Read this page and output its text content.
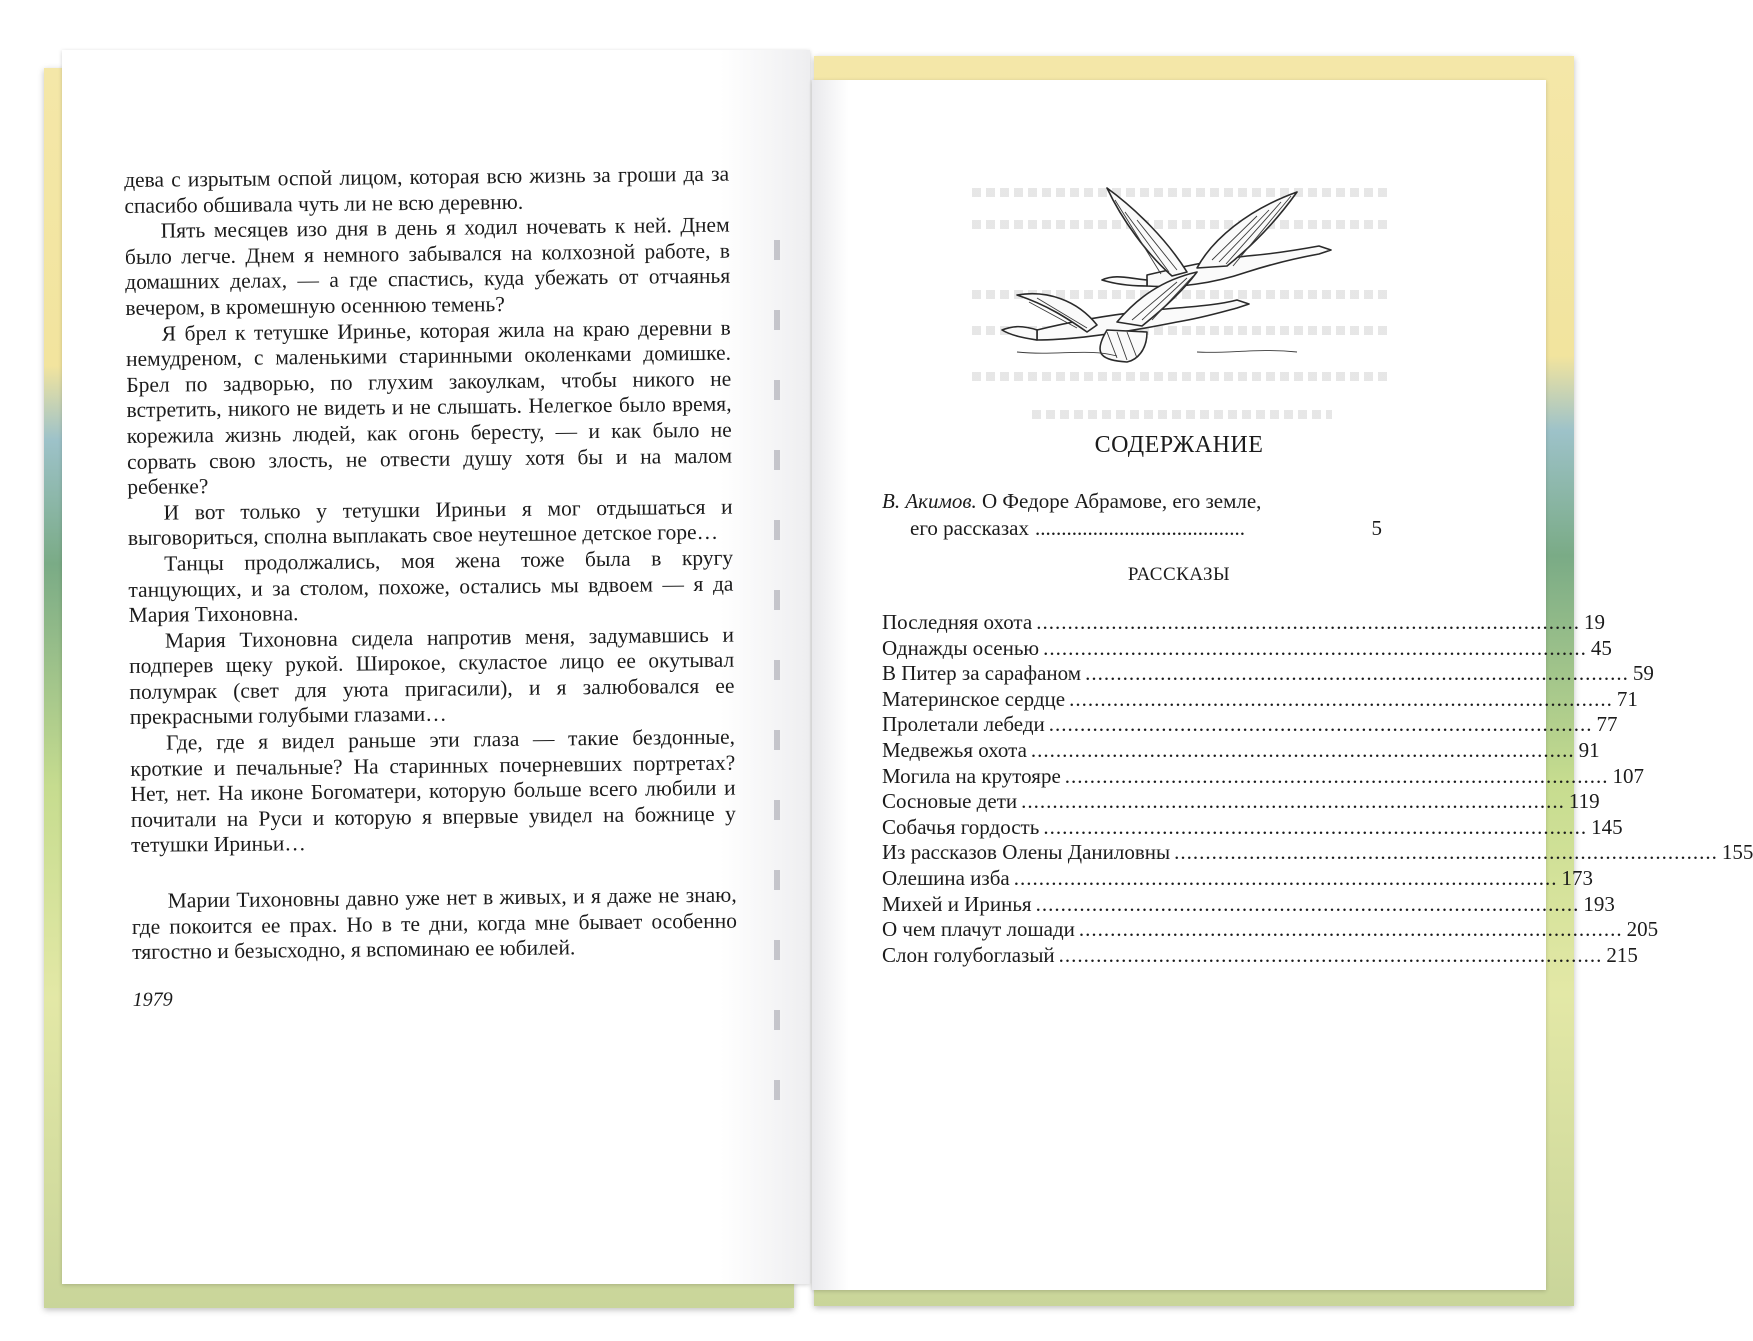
дева с изрытым оспой лицом, которая всю жизнь за гроши да за спасибо обшивала чуть ли не всю деревню.

Пять месяцев изо дня в день я ходил ночевать к ней. Днем было легче. Днем я немного забывался на колхозной работе, в домашних делах, — а где спастись, куда убежать от отчаянья вечером, в кромешную осеннюю темень?

Я брел к тетушке Иринье, которая жила на краю деревни в немудреном, с маленькими старинными околенками домишке. Брел по задворью, по глухим закоулкам, чтобы никого не встретить, никого не видеть и не слышать. Нелегкое было время, корежила жизнь людей, как огонь бересту, — и как было не сорвать свою злость, не отвести душу хотя бы и на малом ребенке?

И вот только у тетушки Ириньи я мог отдышаться и выговориться, сполна выплакать свое неутешное детское горе…

Танцы продолжались, моя жена тоже была в кругу танцующих, и за столом, похоже, остались мы вдвоем — я да Мария Тихоновна.

Мария Тихоновна сидела напротив меня, задумавшись и подперев щеку рукой. Широкое, скуластое лицо ее окутывал полумрак (свет для уюта пригасили), и я залюбовался ее прекрасными голубыми глазами…

Где, где я видел раньше эти глаза — такие бездонные, кроткие и печальные? На старинных почерневших портретах? Нет, нет. На иконе Богоматери, которую больше всего любили и почитали на Руси и которую я впервые увидел на божнице у тетушки Ириньи…

Марии Тихоновны давно уже нет в живых, и я даже не знаю, где покоится ее прах. Но в те дни, когда мне бывает особенно тягостно и безысходно, я вспоминаю ее юбилей.

1979

СОДЕРЖАНИЕ
В. Акимов. О Федоре Абрамове, его земле,
его рассказах ........................................	5
РАССКАЗЫ
Последняя охота ....................................................................................... 19
Однажды осенью ....................................................................................... 45
В Питер за сарафаном ....................................................................................... 59
Материнское сердце ....................................................................................... 71
Пролетали лебеди ....................................................................................... 77
Медвежья охота ....................................................................................... 91
Могила на крутояре ....................................................................................... 107
Сосновые дети ....................................................................................... 119
Собачья гордость ....................................................................................... 145
Из рассказов Олены Даниловны ....................................................................................... 155
Олешина изба ....................................................................................... 173
Михей и Иринья ....................................................................................... 193
О чем плачут лошади ....................................................................................... 205
Слон голубоглазый ....................................................................................... 215
